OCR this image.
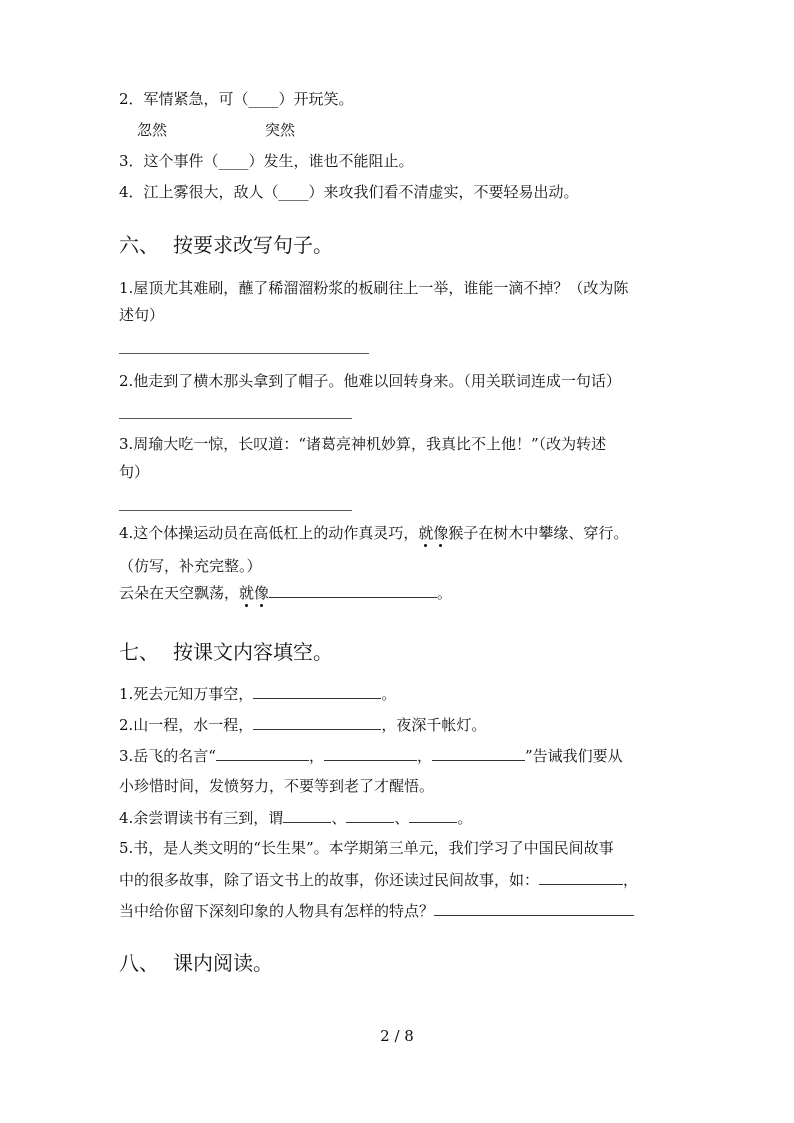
2．军情紧急，可（____）开玩笑。
忽然	突然
3．这个事件（____）发生，谁也不能阻止。
4．江上雾很大，敌人（____）来攻我们看不清虚实，不要轻易出动。
六、 按要求改写句子。
1.屋顶尤其难刷，蘸了稀溜溜粉浆的板刷往上一举，谁能一滴不掉？（改为陈
述句）
2.他走到了横木那头拿到了帽子。他难以回转身来。（用关联词连成一句话）
3.周瑜大吃一惊，长叹道：“诸葛亮神机妙算，我真比不上他！”（改为转述
句）
4.这个体操运动员在高低杠上的动作真灵巧，就像猴子在树木中攀缘、穿行。
（仿写，补充完整。）
云朵在天空飘荡，就像	。
七、 按课文内容填空。
1.死去元知万事空，	。
2.山一程，水一程，	，夜深千帐灯。
3.岳飞的名言“	，	，	”告诫我们要从
小珍惜时间，发愤努力，不要等到老了才醒悟。
4.余尝谓读书有三到，谓	、	、	。
5.书，是人类文明的“长生果”。本学期第三单元，我们学习了中国民间故事
中的很多故事，除了语文书上的故事，你还读过民间故事，如：	，
当中给你留下深刻印象的人物具有怎样的特点？
八、 课内阅读。
2 / 8
